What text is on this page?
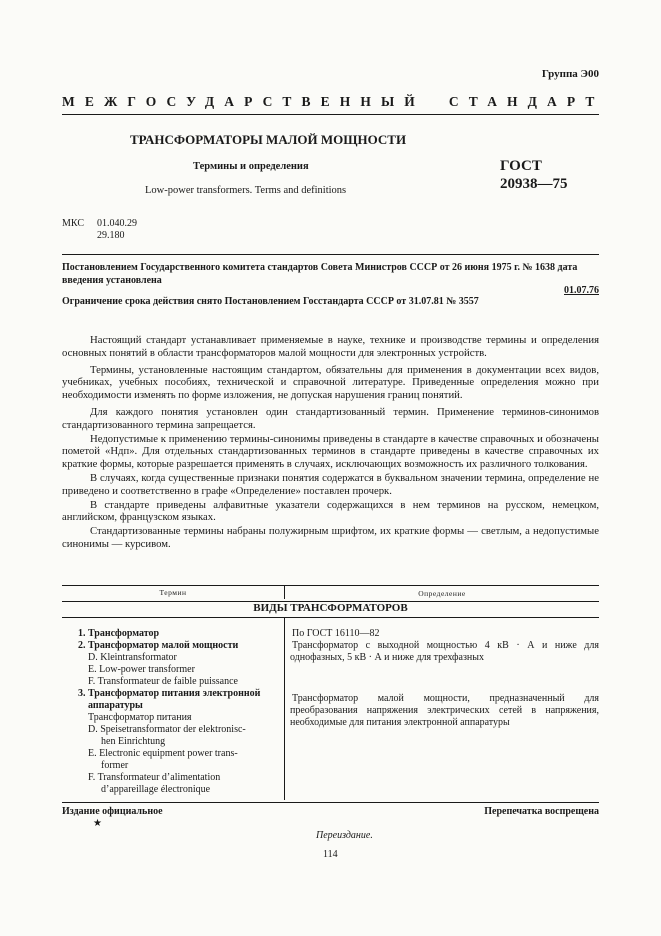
Группа Э00
МЕЖГОСУДАРСТВЕННЫЙ СТАНДАРТ
ТРАНСФОРМАТОРЫ МАЛОЙ МОЩНОСТИ
Термины и определения
Low-power transformers. Terms and definitions
ГОСТ
20938—75
МКС 01.040.29
29.180
Постановлением Государственного комитета стандартов Совета Министров СССР от 26 июня 1975 г. № 1638 дата введения установлена
01.07.76
Ограничение срока действия снято Постановлением Госстандарта СССР от 31.07.81 № 3557

Настоящий стандарт устанавливает применяемые в науке, технике и производстве термины и определения основных понятий в области трансформаторов малой мощности для электронных устройств.

Термины, установленные настоящим стандартом, обязательны для применения в документации всех видов, учебниках, учебных пособиях, технической и справочной литературе. Приведенные определения можно при необходимости изменять по форме изложения, не допуская нарушения границ понятий.

Для каждого понятия установлен один стандартизованный термин. Применение терминов-синонимов стандартизованного термина запрещается.

Недопустимые к применению термины-синонимы приведены в стандарте в качестве справочных и обозначены пометой «Ндп». Для отдельных стандартизованных терминов в стандарте приведены в качестве справочных их краткие формы, которые разрешается применять в случаях, исключающих возможность их различного толкования.

В случаях, когда существенные признаки понятия содержатся в буквальном значении термина, определение не приведено и соответственно в графе «Определение» поставлен прочерк.

В стандарте приведены алфавитные указатели содержащихся в нем терминов на русском, немецком, английском, французском языках.

Стандартизованные термины набраны полужирным шрифтом, их краткие формы — светлым, а недопустимые синонимы — курсивом.

Термин	Определение
ВИДЫ ТРАНСФОРМАТОРОВ
1. Трансформатор
2. Трансформатор малой мощности
D. Kleintransformator
E. Low-power transformer
F. Transformateur de faible puissance
3. Трансформатор питания электронной
аппаратуры
Трансформатор питания
D. Speisetransformator der elektronisc-
hen Einrichtung
E. Electronic equipment power trans-
former
F. Transformateur d’alimentation
d’appareillage électronique

По ГОСТ 16110—82

Трансформатор с выходной мощностью 4 кВ · А и ниже для однофазных, 5 кВ · А и ниже для трехфазных

Трансформатор малой мощности, предназначенный для преобразования напряжения электрических сетей в напряжения, необходимые для питания электронной аппаратуры

Издание официальное
★
Перепечатка воспрещена
Переиздание.
114
